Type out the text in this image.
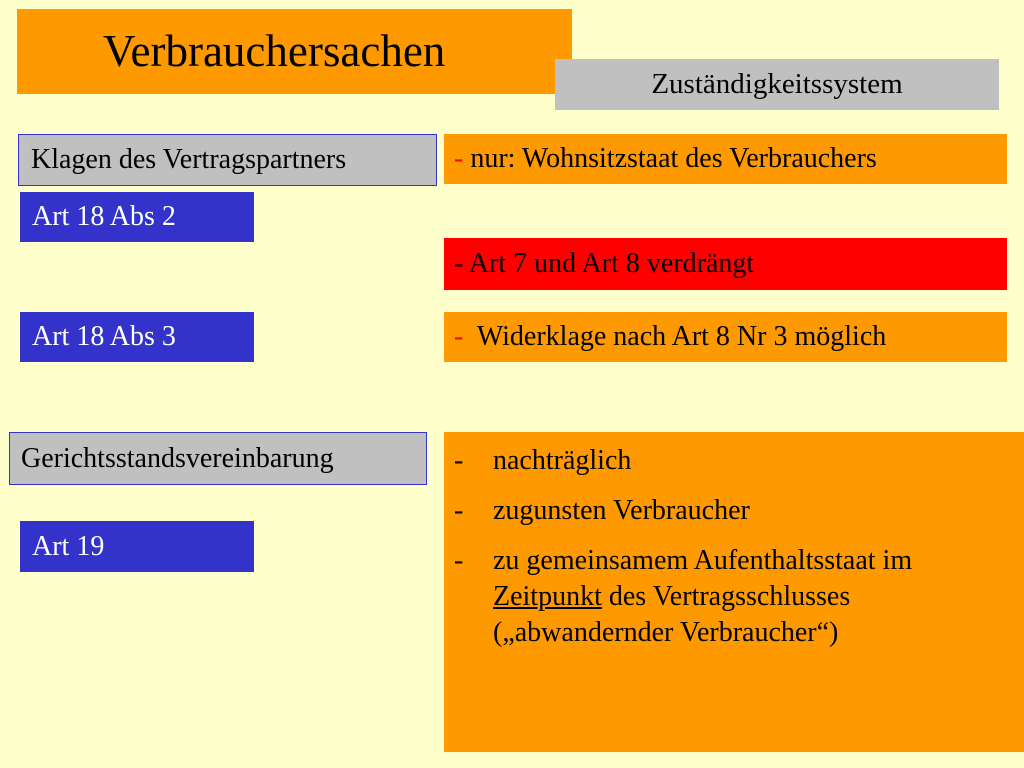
Verbrauchersachen
Zuständigkeitssystem
Klagen des Vertragspartners
Art 18 Abs 2
Art 18 Abs 3
Gerichtsstandsvereinbarung
Art 19
- nur: Wohnsitzstaat des Verbrauchers
- Art 7 und Art 8 verdrängt
-  Widerklage nach Art 8 Nr 3 möglich
- nachträglich
- zugunsten Verbraucher
- zu gemeinsamem Aufenthaltsstaat im Zeitpunkt des Vertragsschlusses („abwandernder Verbraucher“)
